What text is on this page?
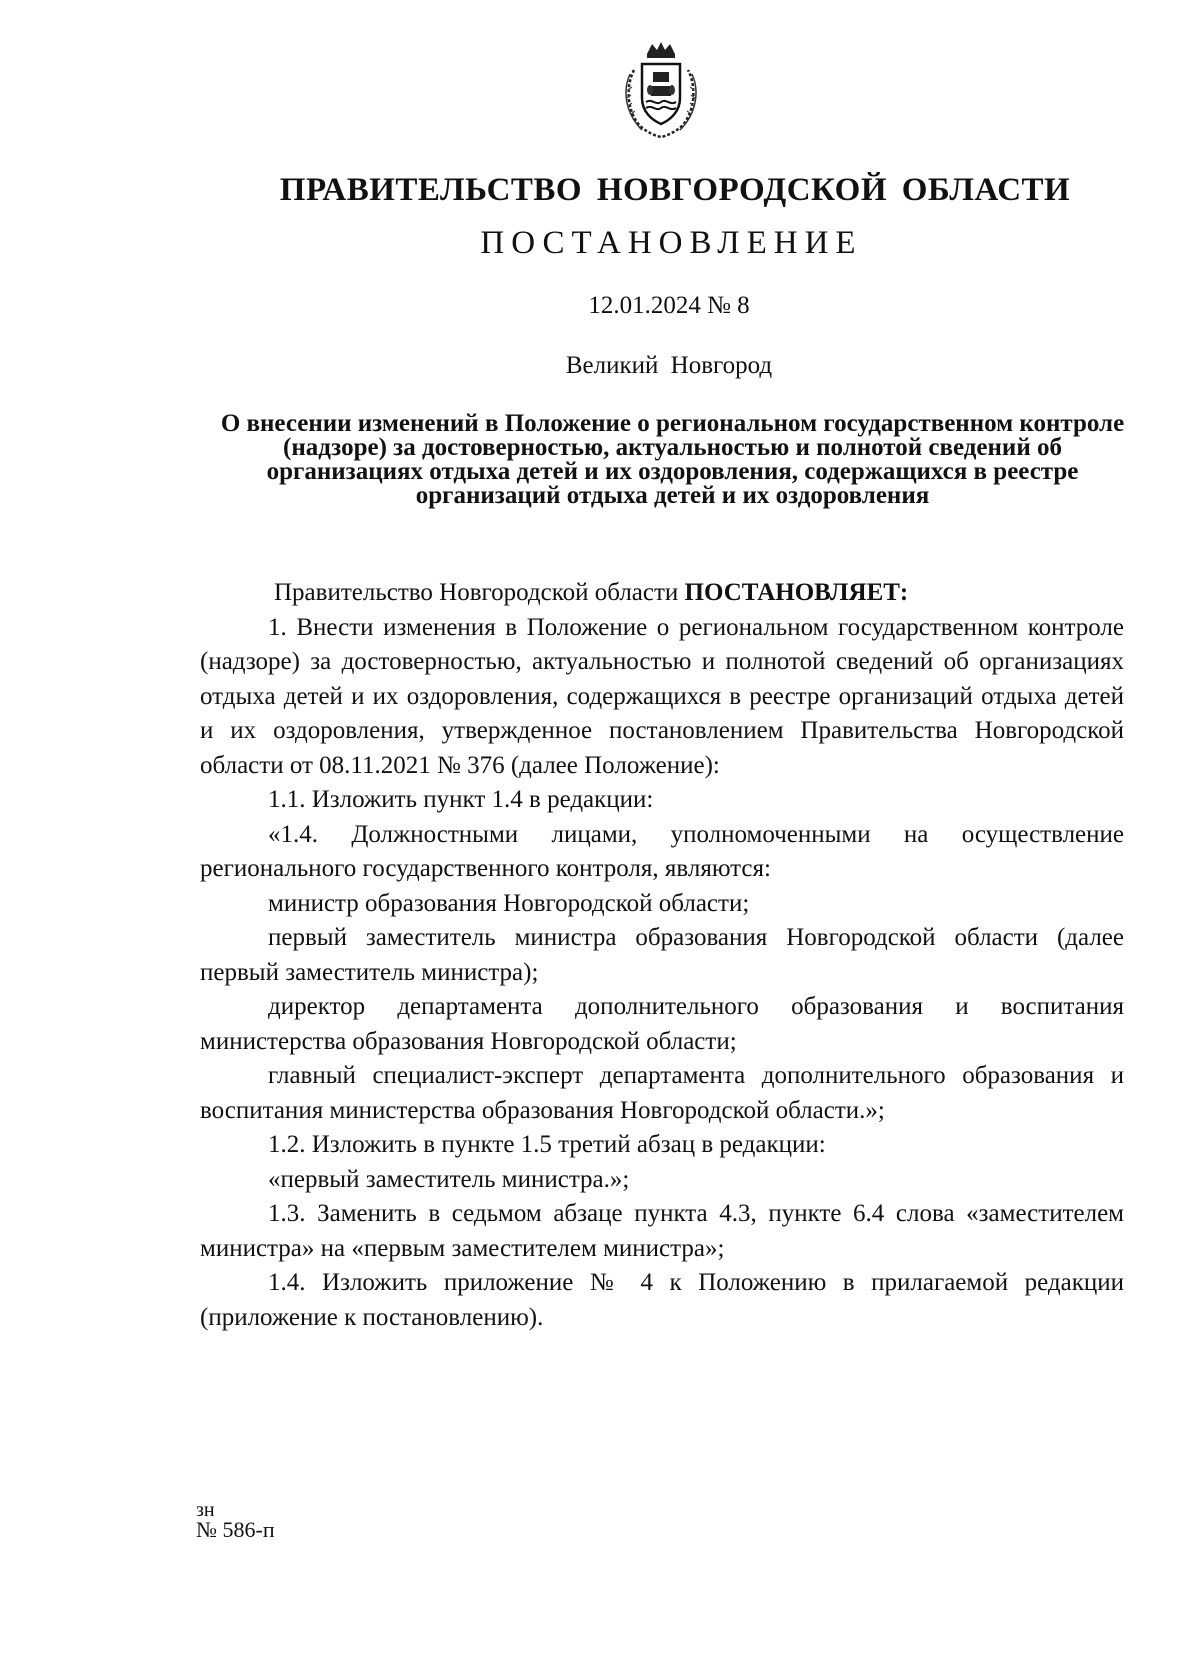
ПРАВИТЕЛЬСТВО НОВГОРОДСКОЙ ОБЛАСТИ
ПОСТАНОВЛЕНИЕ
12.01.2024 № 8
Великий Новгород
О внесении изменений в Положение о региональном государственном контроле (надзоре) за достоверностью, актуальностью и полнотой сведений об организациях отдыха детей и их оздоровления, содержащихся в реестре организаций отдыха детей и их оздоровления

Правительство Новгородской области ПОСТАНОВЛЯЕТ:

1. Внести изменения в Положение о региональном государственном контроле (надзоре) за достоверностью, актуальностью и полнотой сведений об организациях отдыха детей и их оздоровления, содержащихся в реестре организаций отдыха детей и их оздоровления, утвержденное постановлением Правительства Новгородской области от 08.11.2021 № 376 (далее Положение):

1.1. Изложить пункт 1.4 в редакции:

«1.4. Должностными лицами, уполномоченными на осуществление регионального государственного контроля, являются:

министр образования Новгородской области;

первый заместитель министра образования Новгородской области (далее первый заместитель министра);

директор департамента дополнительного образования и воспитания министерства образования Новгородской области;

главный специалист-эксперт департамента дополнительного образования и воспитания министерства образования Новгородской области.»;

1.2. Изложить в пункте 1.5 третий абзац в редакции:

«первый заместитель министра.»;

1.3. Заменить в седьмом абзаце пункта 4.3, пункте 6.4 слова «заместителем министра» на «первым заместителем министра»;

1.4. Изложить приложение № 4 к Положению в прилагаемой редакции (приложение к постановлению).

зн
№ 586-п
